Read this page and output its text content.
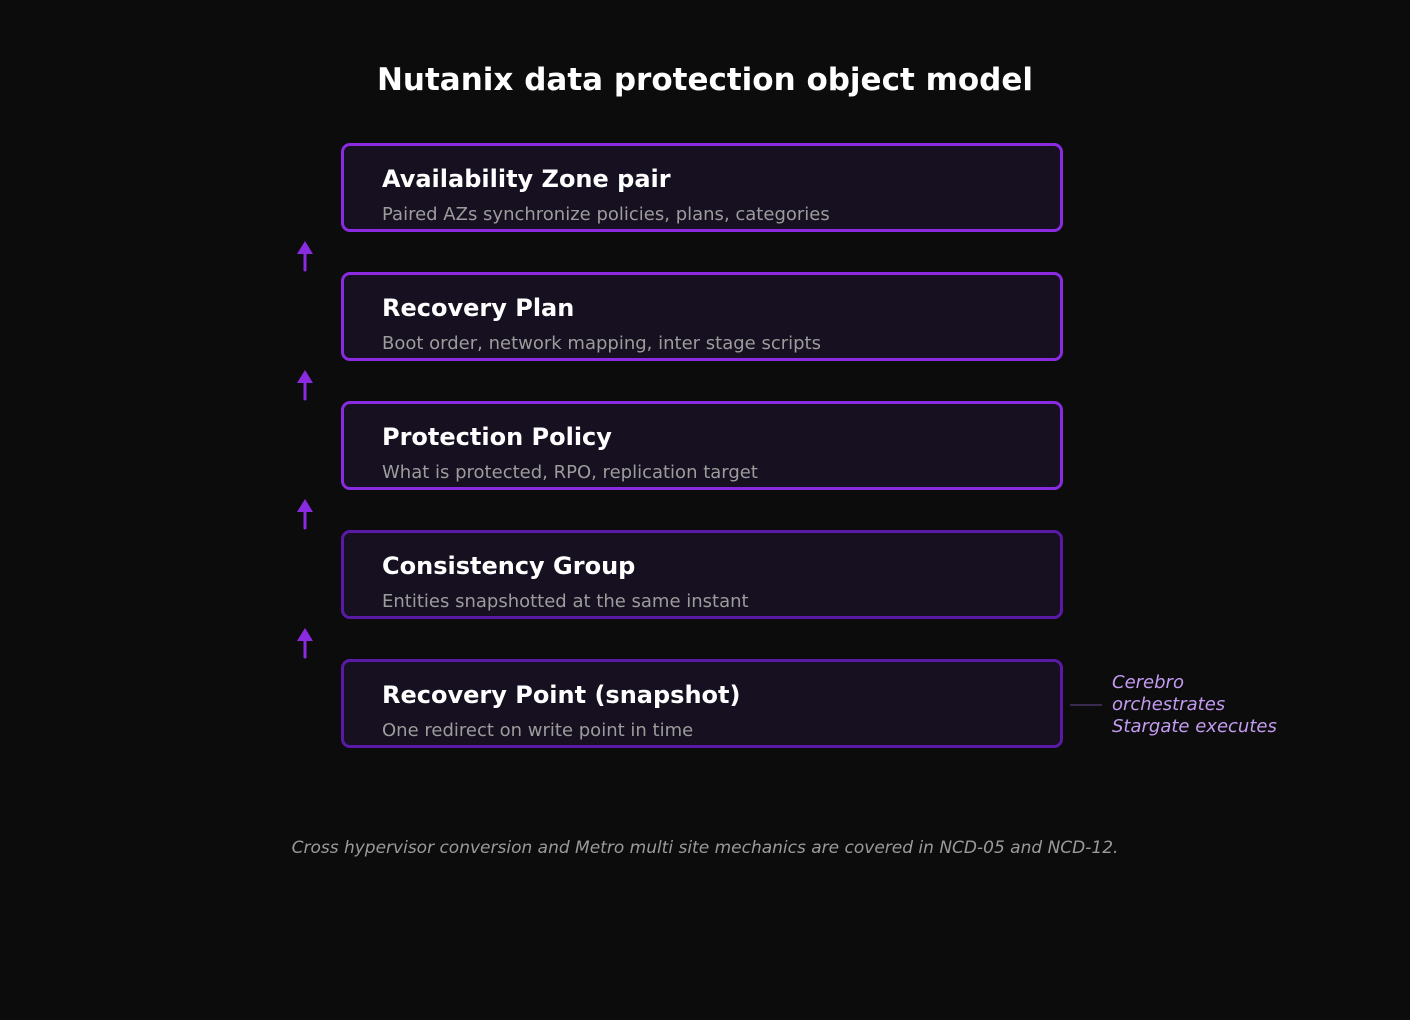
Nutanix data protection object model
Availability Zone pair
Paired AZs synchronize policies, plans, categories
Recovery Plan
Boot order, network mapping, inter stage scripts
Protection Policy
What is protected, RPO, replication target
Consistency Group
Entities snapshotted at the same instant
Recovery Point (snapshot)
One redirect on write point in time
Cerebro
orchestrates
Stargate executes
Cross hypervisor conversion and Metro multi site mechanics are covered in NCD-05 and NCD-12.
